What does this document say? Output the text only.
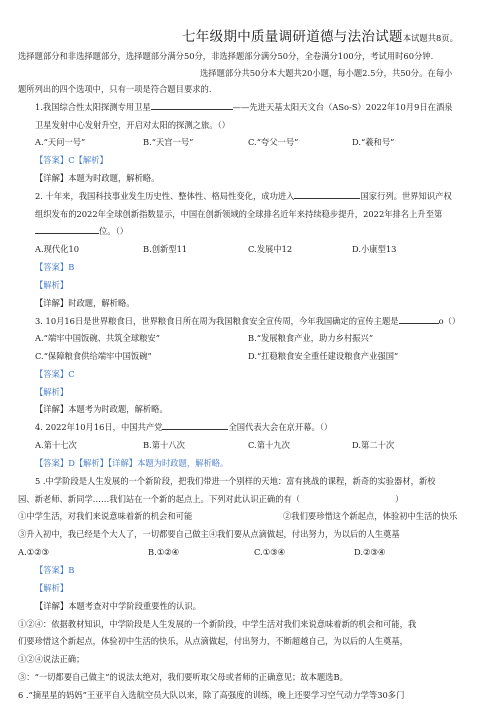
七年级期中质量调研道德与法治试题本试题共8页。
选择题部分和非选择题部分，选择题部分满分50分，非选择题部分满分50分，全卷满分100分，考试用时60分钟.
选择题部分共50分本大题共20小题，每小题2.5分，共50分。在每小
题所列出的四个选项中，只有一项是符合题目要求的.
1.我国综合性太阳探测专用卫星	——先进天基太阳天文台（ASo-S）2022年10月9日在酒泉
卫星发射中心发射升空，开启对太阳的探测之旅。（）
A.“天问一号”	B.“天宫一号”	C.“夸父一号”	D.“羲和号”
【答案】C【解析】
【详解】本题为时政题，解析略。
2. 十年来，我国科技事业发生历史性、整体性、格局性变化，成功进入	国家行列。世界知识产权
组织发布的2022年全球创新指数显示，中国在创新领域的全球排名近年来持续稳步提升，2022年排名上升至第
位。（）
A.现代化10	B.创新型11	C.发展中12	D.小康型13
【答案】B
【解析】
【详解】时政题，解析略。
3. 10月16日是世界粮食日，世界粮食日所在周为我国粮食安全宣传周，今年我国确定的宣传主题是	o（）
A.“端牢中国饭碗、共筑全球粮安”	B.“发展粮食产业，助力乡村振兴”
C.“保障粮食供给端牢中国饭碗”	D.“扛稳粮食安全重任建设粮食产业强国”
【答案】C
【解析】
【详解】本题考为时政题，解析略。
4. 2022年10月16日，中国共产党	全国代表大会在京开幕。（）
A.第十七次	B.第十八次	C.第十九次	D.第二十次
【答案】D【解析】【详解】本题为时政题，解析略。
5 .中学阶段是人生发展的一个新阶段，把我们带进一个别样的天地：富有挑战的课程，新奇的实验器材，新校
园、新老师、新同学……我们站在一个新的起点上。下列对此认识正确的有（	）
①中学生活，对我们来说意味着新的机会和可能	②我们要珍惜这个新起点，体验初中生活的快乐
③升入初中，我已经是个大人了，一切都要自己做主④我们要从点滴做起，付出努力，为以后的人生奠基
A.①②③	B.①②④	C.①③④	D.②③④
【答案】B
【解析】
【详解】本题考查对中学阶段重要性的认识。
①②④：依据教材知识，中学阶段是人生发展的一个新阶段，中学生活对我们来说意味着新的机会和可能，我
们要珍惜这个新起点，体验初中生活的快乐，从点滴做起，付出努力，不断超越自己，为以后的人生奠基，
①②④说法正确；
③：“一切都要自己做主”的说法太绝对，我们要听取父母或者师的正确意见；故本题选B。
6 .“摘星星的妈妈”王亚平自入选航空员大队以来，除了高强度的训练，晚上还要学习空气动力学等30多门
